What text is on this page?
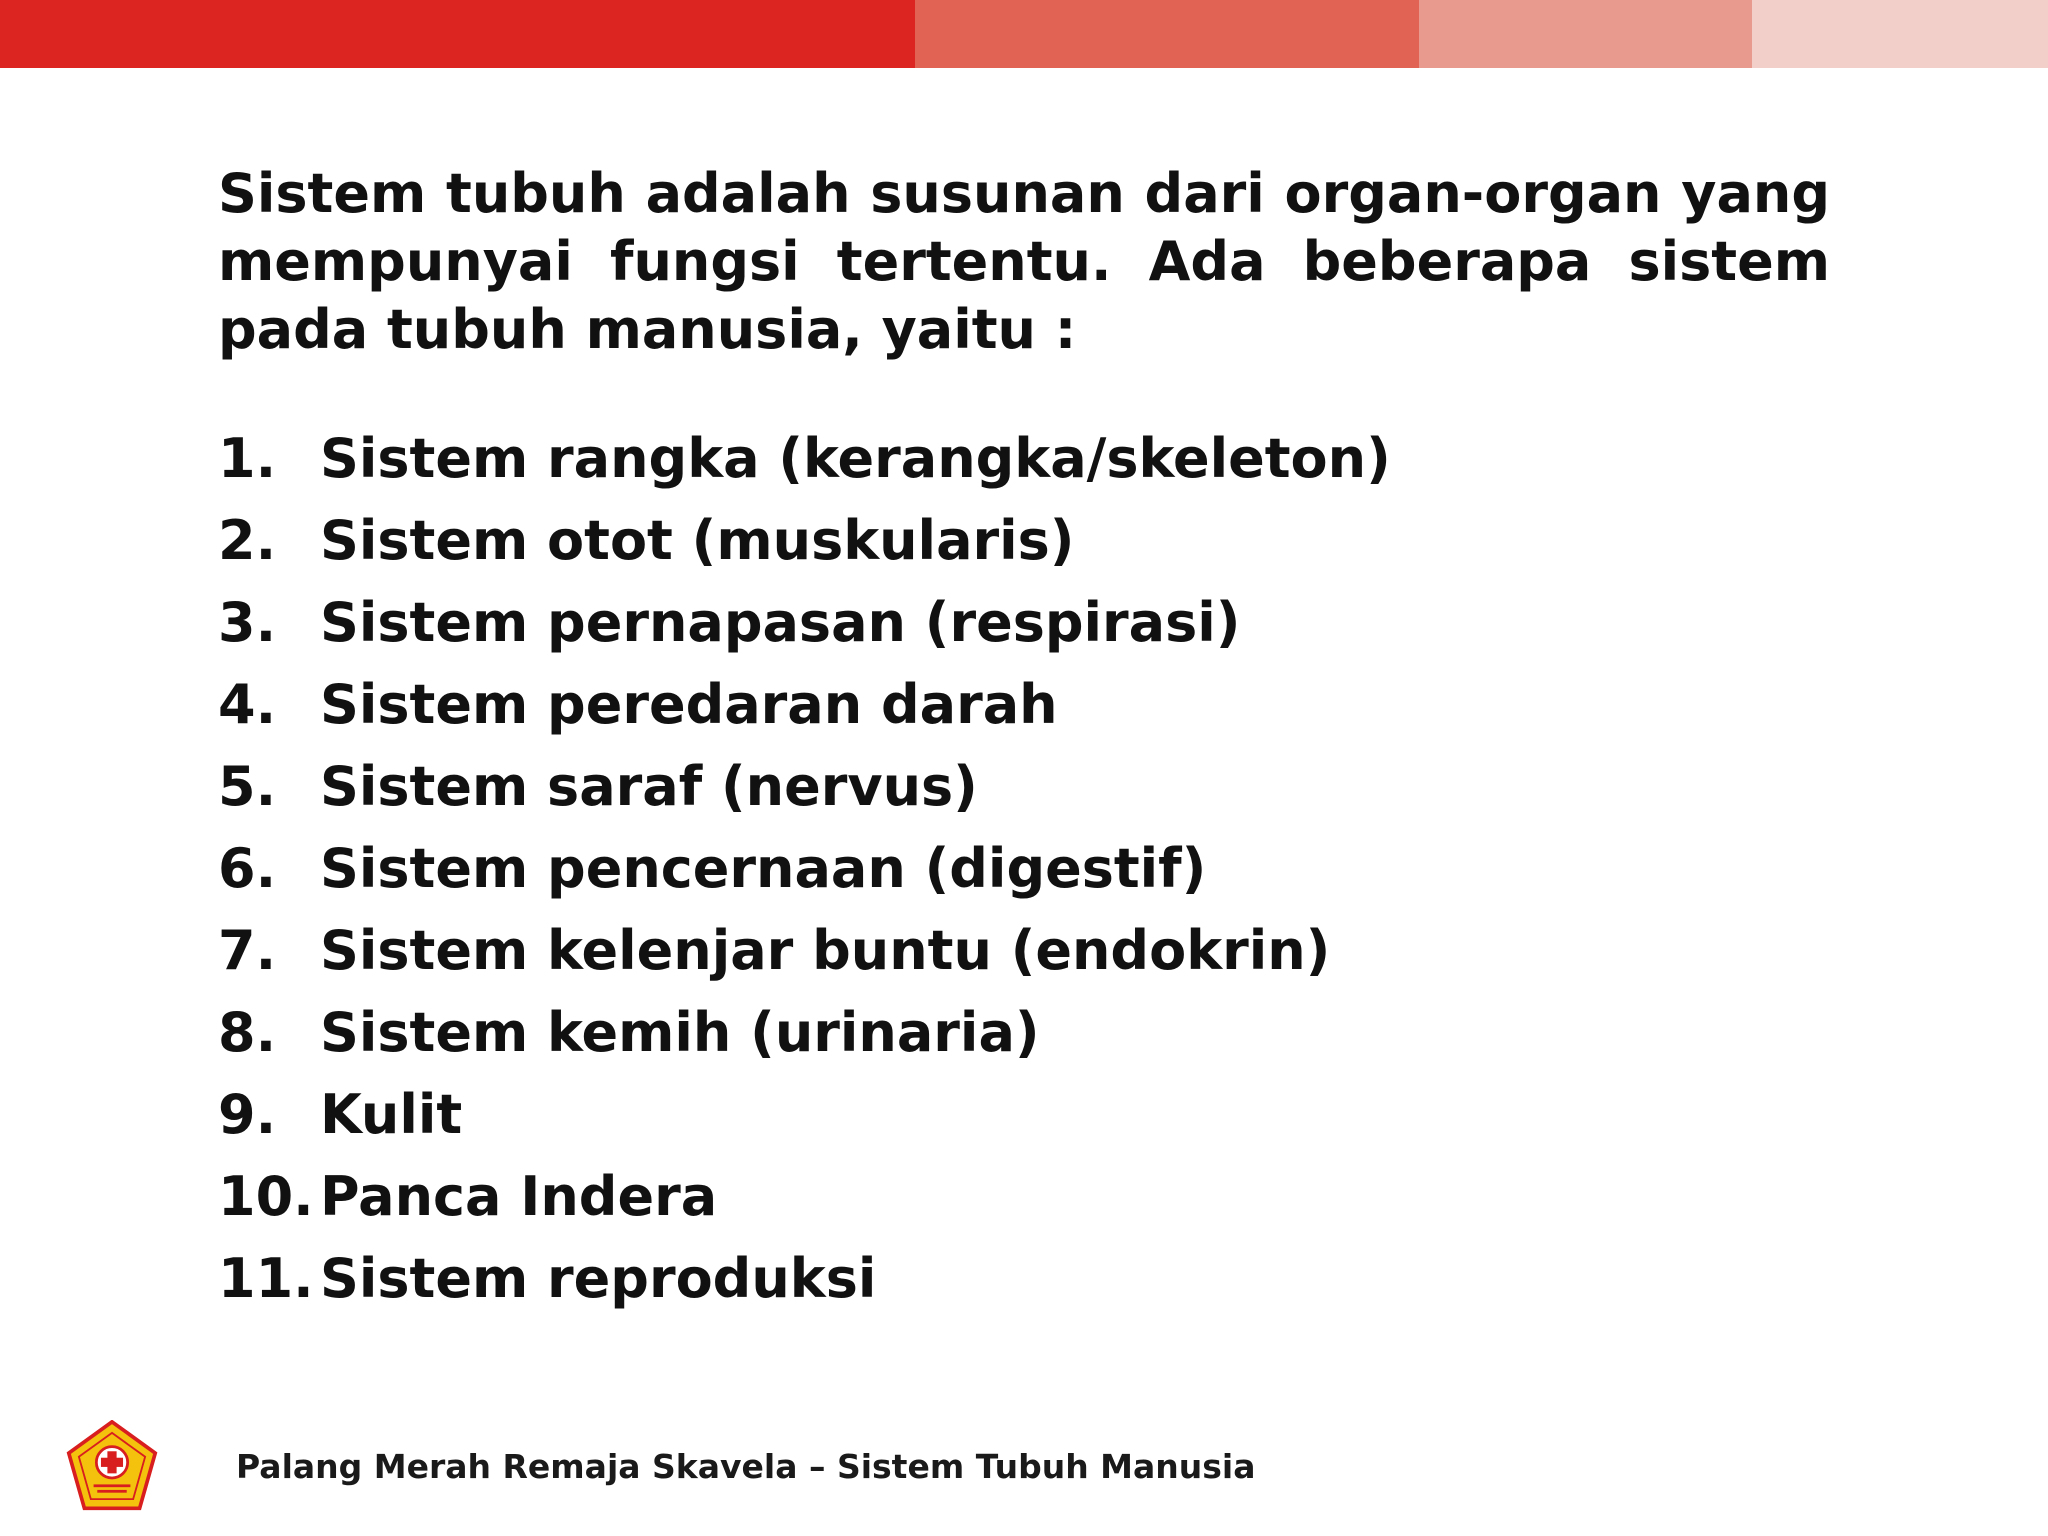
Sistem tubuh adalah susunan dari organ-organ yang mempunyai fungsi tertentu. Ada beberapa sistem pada tubuh manusia, yaitu :

1. Sistem rangka (kerangka/skeleton)
2. Sistem otot (muskularis)
3. Sistem pernapasan (respirasi)
4. Sistem peredaran darah
5. Sistem saraf (nervus)
6. Sistem pencernaan (digestif)
7. Sistem kelenjar buntu (endokrin)
8. Sistem kemih (urinaria)
9. Kulit
10. Panca Indera
11. Sistem reproduksi
Palang Merah Remaja Skavela – Sistem Tubuh Manusia
